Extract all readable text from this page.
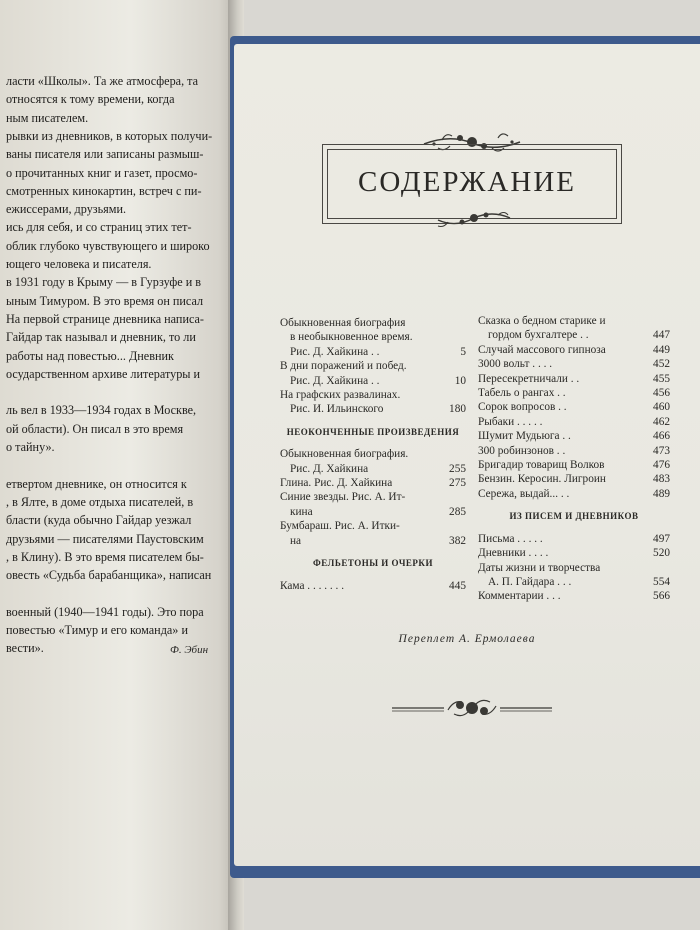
ласти «Школы». Та же атмосфера, та
относятся к тому времени, когда
ным писателем.
рывки из дневников, в которых получи-
ваны писателя или записаны размыш-
о прочитанных книг и газет, просмо-
смотренных кинокартин, встреч с пи-
ежиссерами, друзьями.
ись для себя, и со страниц этих тет-
облик глубоко чувствующего и широко
ющего человека и писателя.
в 1931 году в Крыму — в Гурзуфе и в
ыным Тимуром. В это время он писал
На первой странице дневника написа-
Гайдар так называл и дневник, то ли
работы над повестью... Дневник
осударственном архиве литературы и
ль вел в 1933—1934 годах в Москве,
ой области). Он писал в это время
о тайну».
етвертом дневнике, он относится к
, в Ялте, в доме отдыха писателей, в
бласти (куда обычно Гайдар уезжал
друзьями — писателями Паустовским
, в Клину). В это время писателем бы-
овесть «Судьба барабанщика», написан
военный (1940—1941 годы). Это пора
повестью «Тимур и его команда» и
вести».	Ф. Эбин
СОДЕРЖАНИЕ
Обыкновенная биография
в необыкновенное время.
Рис. Д. Хайкина . .	5
В дни поражений и побед.
Рис. Д. Хайкина . .	10
На графских развалинах.
Рис. И. Ильинского	180
НЕОКОНЧЕННЫЕ ПРОИЗВЕДЕНИЯ
Обыкновенная биография.
Рис. Д. Хайкина	255
Глина. Рис. Д. Хайкина	275
Синие звезды. Рис. А. Ит-
кина	285
Бумбараш. Рис. А. Итки-
на	382
ФЕЛЬЕТОНЫ И ОЧЕРКИ
Кама . . . . . . .	445
Сказка о бедном старике и
гордом бухгалтере . .	447
Случай массового гипноза	449
3000 вольт . . . .	452
Пересекретничали . .	455
Табель о рангах . .	456
Сорок вопросов . .	460
Рыбаки . . . . .	462
Шумит Мудьюга . .	466
300 робинзонов . .	473
Бригадир товарищ Волков	476
Бензин. Керосин. Лигроин	483
Сережа, выдай... . .	489
ИЗ ПИСЕМ И ДНЕВНИКОВ
Письма . . . . .	497
Дневники . . . .	520
Даты жизни и творчества
А. П. Гайдара . . .	554
Комментарии . . .	566
Переплет А. Ермолаева
